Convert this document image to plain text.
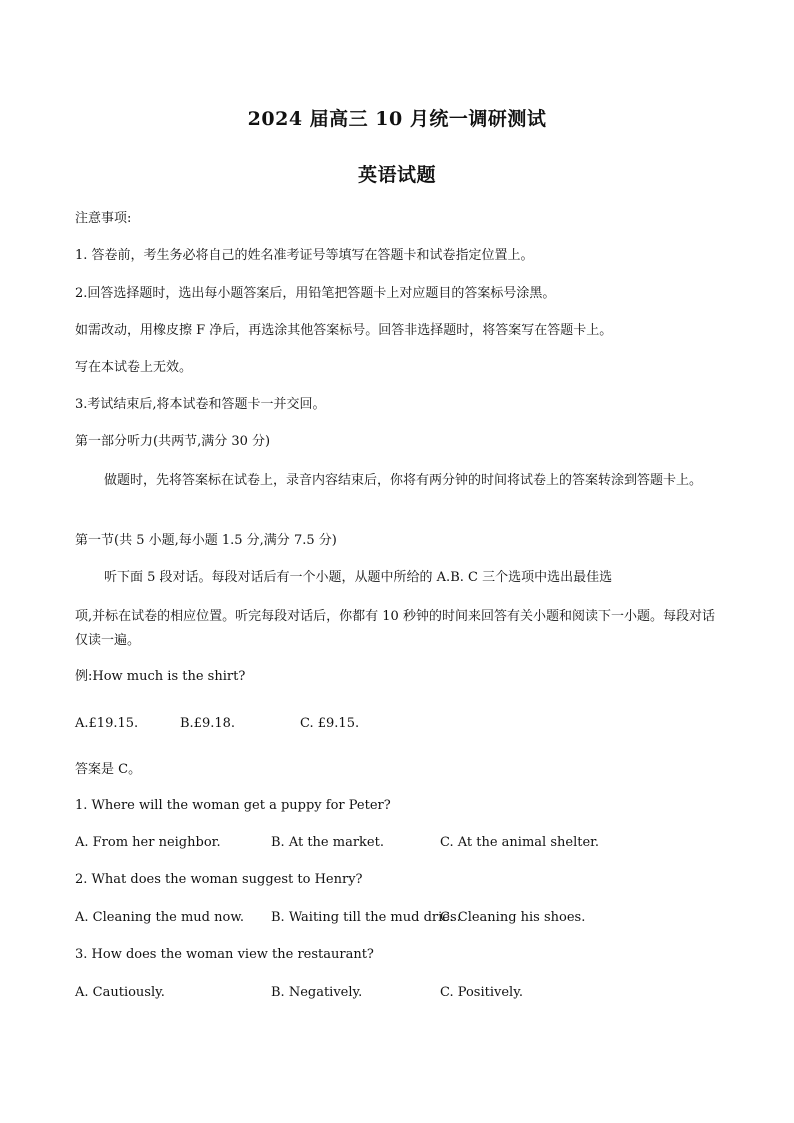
2024 届高三 10 月统一调研测试
英语试题
注意事项:
1. 答卷前，考生务必将自己的姓名准考证号等填写在答题卡和试卷指定位置上。
2.回答选择题时，选出每小题答案后，用铅笔把答题卡上对应题目的答案标号涂黑。
如需改动，用橡皮擦 F 净后，再选涂其他答案标号。回答非选择题时，将答案写在答题卡上。
写在本试卷上无效。
3.考试结束后,将本试卷和答题卡一并交回。
第一部分听力(共两节,满分 30 分)
做题时，先将答案标在试卷上，录音内容结束后，你将有两分钟的时间将试卷上的答案转涂到答题卡上。
第一节(共 5 小题,每小题 1.5 分,满分 7.5 分)
听下面 5 段对话。每段对话后有一个小题，从题中所给的 A.B. C 三个选项中选出最佳选
项,并标在试卷的相应位置。听完每段对话后，你都有 10 秒钟的时间来回答有关小题和阅读下一小题。每段对话仅读一遍。
例:How much is the shirt?
A.£19.15.	B.£9.18.	C. £9.15.
答案是 C。
1. Where will the woman get a puppy for Peter?
A. From her neighbor.	B. At the market.	C. At the animal shelter.
2. What does the woman suggest to Henry?
A. Cleaning the mud now. B. Waiting till the mud dries.
C. Cleaning his shoes.
3. How does the woman view the restaurant?
A. Cautiously.	B. Negatively.	C. Positively.
